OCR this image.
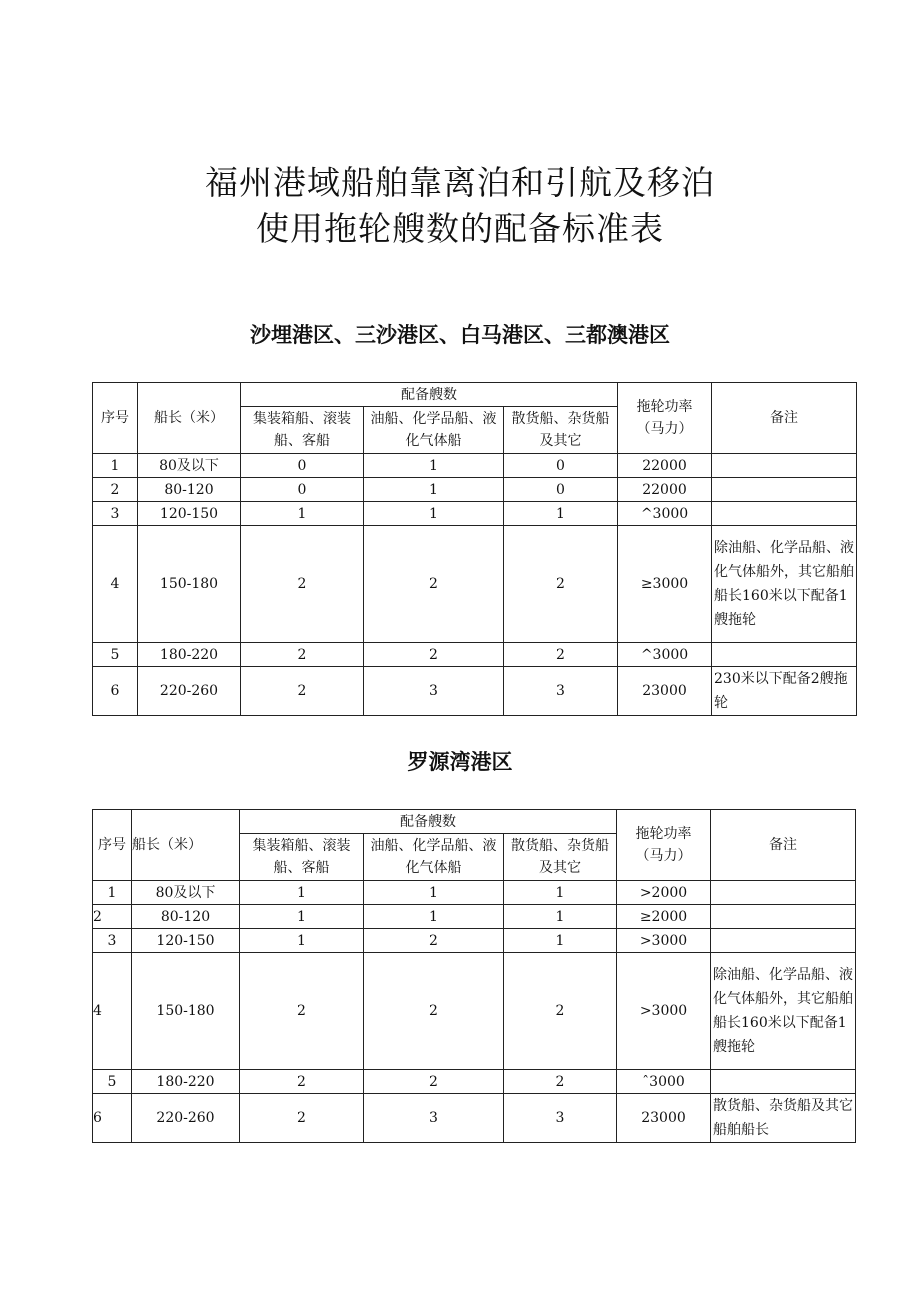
福州港域船舶靠离泊和引航及移泊
使用拖轮艘数的配备标准表
沙埋港区、三沙港区、白马港区、三都澳港区
序号	船长（米）	配备艘数			拖轮功率（马力）	备注
		集装箱船、滚装船、客船	油船、化学品船、液化气体船	散货船、杂货船及其它		
1	80及以下	0	1	0	22000	
2	80-120	0	1	0	22000	
3	120-150	1	1	1	^3000	
4	150-180	2	2	2	≥3000	除油船、化学品船、液化气体船外，其它船舶船长160米以下配备1艘拖轮
5	180-220	2	2	2	^3000	
6	220-260	2	3	3	23000	230米以下配备2艘拖轮
罗源湾港区
序号	船长（米）	配备艘数			拖轮功率（马力）	备注
		集装箱船、滚装船、客船	油船、化学品船、液化气体船	散货船、杂货船及其它		
1	80及以下	1	1	1	>2000	
2	80-120	1	1	1	≥2000	
3	120-150	1	2	1	>3000	
4	150-180	2	2	2	>3000	除油船、化学品船、液化气体船外，其它船舶船长160米以下配备1艘拖轮
5	180-220	2	2	2	ˆ3000	
6	220-260	2	3	3	23000	散货船、杂货船及其它船舶船长
